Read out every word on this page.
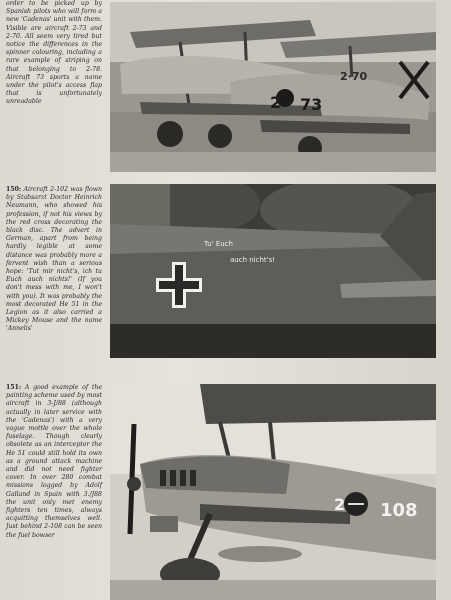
order to be picked up by Spanish pilots who will form a new 'Cadenas' unit with them. Visible are aircraft 2-73 and 2-70. All seem very tired but notice the differences in the spinner colouring, including a rare example of striping on that belonging to 2-78. Aircraft 73 sports a name under the pilot's access flap that is unfortunately unreadable
150: Aircraft 2-102 was flown by Stabsarzt Doctor Heinrich Neumann, who showed his profession, if not his views by the red cross decorating the black disc. The advert in German, apart from being hardly legible at some distance was probably more a fervent wish than a serious hope: 'Tut mir nicht's, ich tu Euch auch nichts!' (If you don't mess with me, I won't with you). It was probably the most decorated He 51 in the Legion as it also carried a Mickey Mouse and the name 'Annelis'
151: A good example of the painting scheme used by most aircraft in 3-J/88 (although actually in later service with the 'Cadenas') with a very vague mottle over the whole fuselage. Though clearly obsolete as an interceptor the He 51 could still hold its own as a ground attack machine and did not need fighter cover. In over 280 combat missions logged by Adolf Galland in Spain with 3./J88 the unit only met enemy fighters ten times, always acquitting themselves well. Just behind 2-108 can be seen the fuel bowser
2 73
2·70
Tu' Euch
auch nicht's!
2 108
